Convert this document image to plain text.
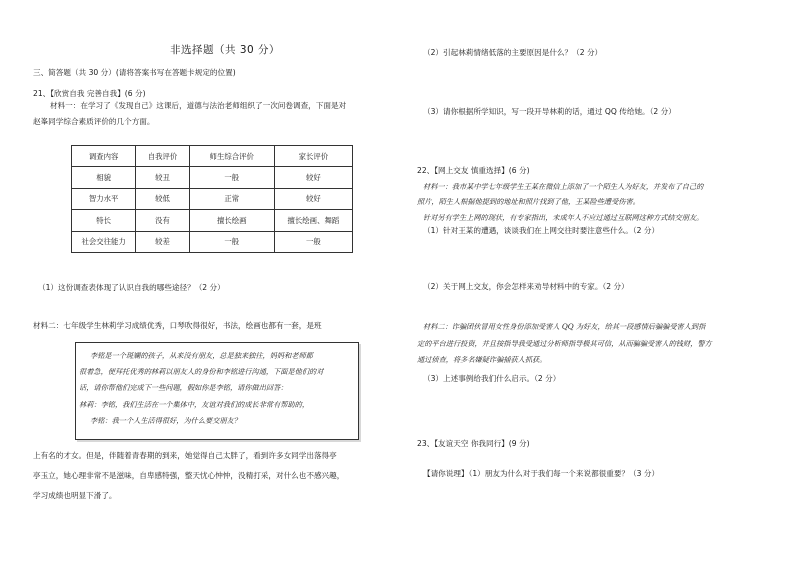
非选择题（共 30 分）
三、简答题（共 30 分）(请将答案书写在答题卡规定的位置)
21、【欣赏自我 完善自我】(6 分)
材料一：在学习了《发现自己》这课后，道德与法治老师组织了一次问卷调查，下面是对
赵峯同学综合素质评价的几个方面。
调查内容	自我评价	师生综合评价	家长评价
相貌	较丑	一般	较好
智力水平	较低	正常	较好
特长	没有	擅长绘画	擅长绘画、舞蹈
社会交往能力	较差	一般	一般
（1）这份调查表体现了认识自我的哪些途径？（2 分）
材料二：七年级学生林莉学习成绩优秀，口琴吹得很好，书法，绘画也都有一套，是班
李铭是一个斑斓的孩子，从来没有朋友，总是独来独往，妈妈和老师都
很着急，便拜托优秀的林莉以朋友人的身份和李铭进行沟通，下面是他们的对
话，请你帮他们完成下一些问题，假如你是李铭，请你做出回答：
林莉：李铭，我们生活在一个集体中，友谊对我们的成长非常有帮助的，
李铭：我一个人生活得很好，为什么要交朋友？
上有名的才女。但是，伴随着青春期的到来，她觉得自己太胖了，看到许多女同学出落得亭
亭玉立，她心理非常不是滋味，自卑感特强，整天忧心忡忡，没精打采，对什么也不感兴趣，
学习成绩也明显下滑了。
（2）引起林莉情绪低落的主要原因是什么？（2 分）
（3）请你根据所学知识，写一段开导林莉的话，通过 QQ 传给她。（2 分）
22、【网上交友 慎重选择】(6 分)
材料一：我市某中学七年级学生王某在微信上添加了一个陌生人为好友，并发布了自己的
照片，陌生人根据他提到的地址和照片找到了他，王某险些遭受伤害。
针对另有学生上网的现状，有专家指出，未成年人不应过通过互联网这种方式结交朋友。
（1）针对王某的遭遇，谈谈我们在上网交往时要注意些什么。（2 分）
（2）关于网上交友，你会怎样来劝导材料中的专家。（2 分）
材料二：诈骗团伙冒用女性身份添加受害人 QQ 为好友，给其一段感情后骗骗受害人到指
定的平台进行投资，并且按指导我受通过分析师指导极其可信，从而骗骗受害人的钱财，警方
通过侦查，将多名嫌疑诈骗捕获人抓获。
（3）上述事例给我们什么启示。（2 分）
23、【友谊天空 你我同行】(9 分)
【请你说理】（1）朋友为什么对于我们每一个来说都很重要？（3 分）
